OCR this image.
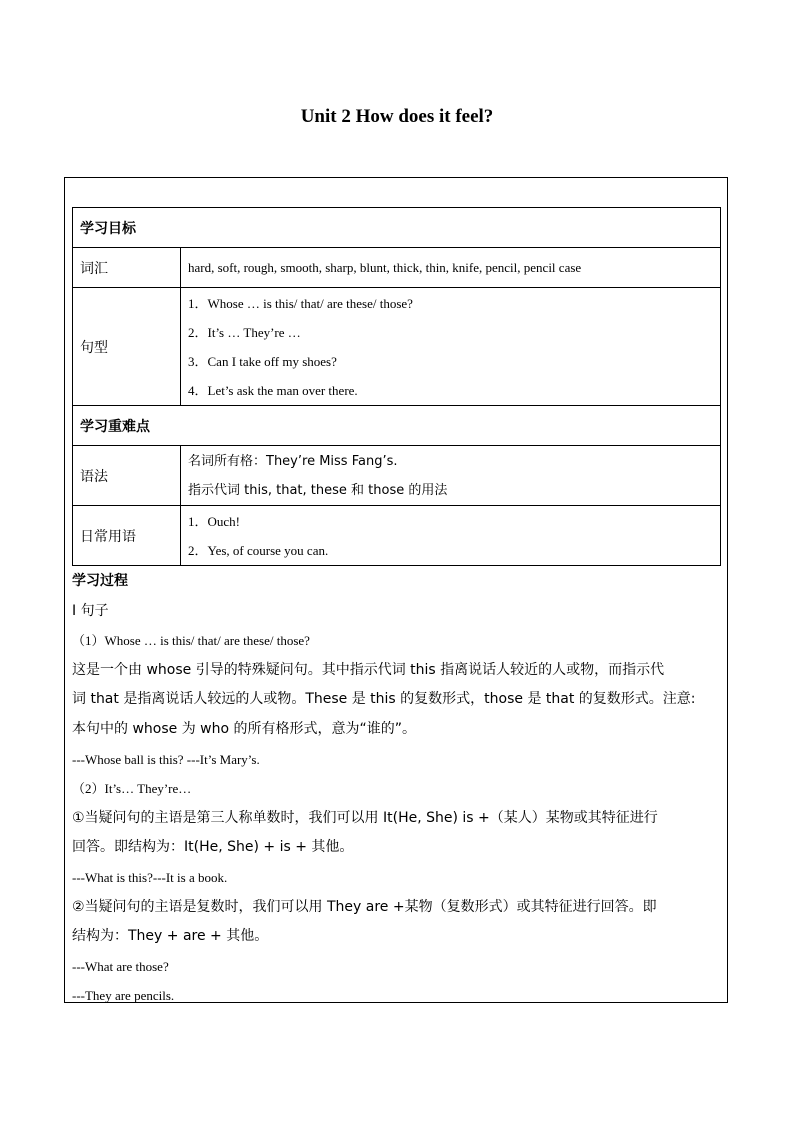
Unit 2 How does it feel?
学习目标	
词汇	hard, soft, rough, smooth, sharp, blunt, thick, thin, knife, pencil, pencil case
句型	1．Whose … is this/ that/ are these/ those?
2．It’s … They’re …
3．Can I take off my shoes?
4．Let’s ask the man over there.

学习重难点	
语法	名词所有格：They’re Miss Fang’s.
指示代词 this, that, these 和 those 的用法

日常用语	1．Ouch!
2．Yes, of course you can.
学习过程
I 句子
（1）Whose … is this/ that/ are these/ those?
这是一个由 whose 引导的特殊疑问句。其中指示代词 this 指离说话人较近的人或物，而指示代
词 that 是指离说话人较远的人或物。These 是 this 的复数形式，those 是 that 的复数形式。注意:
本句中的 whose 为 who 的所有格形式，意为“谁的”。
---Whose ball is this? ---It’s Mary’s.
（2）It’s… They’re…
①当疑问句的主语是第三人称单数时，我们可以用 It(He, She) is +（某人）某物或其特征进行
回答。即结构为：It(He, She) + is + 其他。
---What is this?---It is a book.
②当疑问句的主语是复数时，我们可以用 They are +某物（复数形式）或其特征进行回答。即
结构为：They + are + 其他。
---What are those?
---They are pencils.
